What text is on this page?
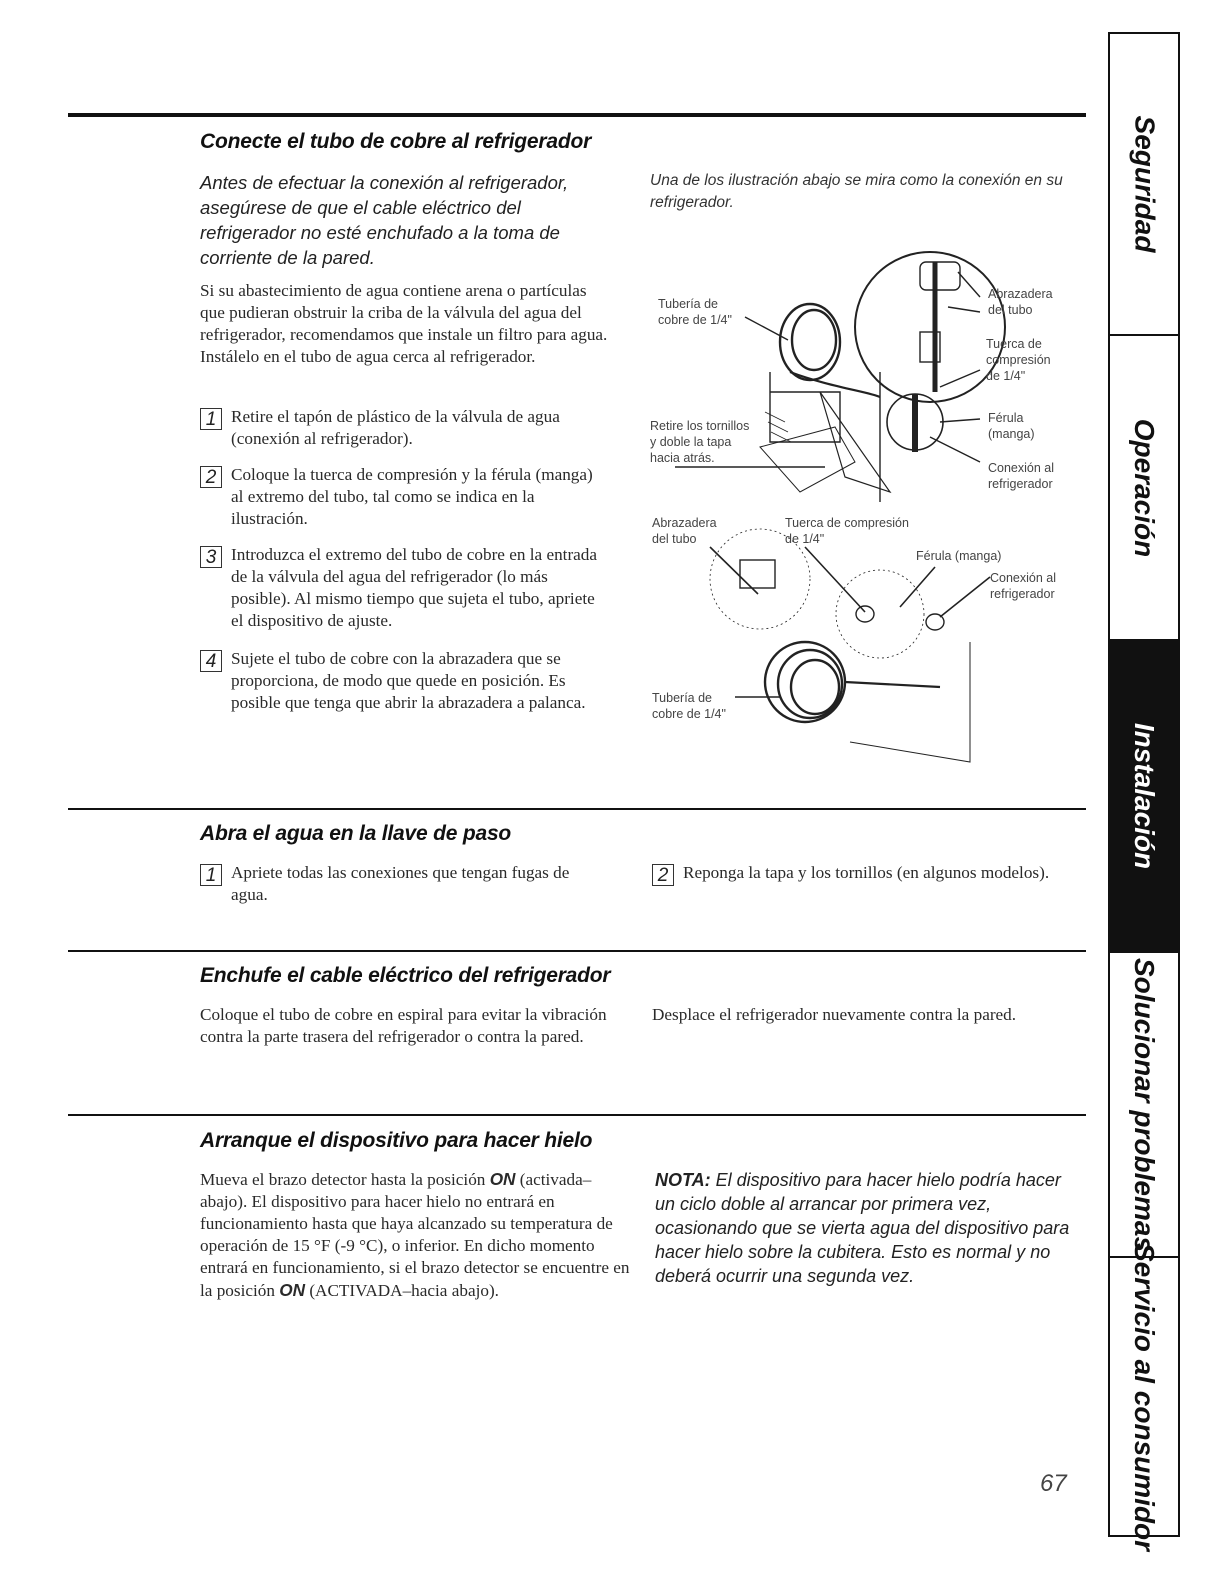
Conecte el tubo de cobre al refrigerador

Antes de efectuar la conexión al refrigerador, asegúrese de que el cable eléctrico del refrigerador no esté enchufado a la toma de corriente de la pared.

Si su abastecimiento de agua contiene arena o partículas que pudieran obstruir la criba de la válvula del agua del refrigerador, recomendamos que instale un filtro para agua. Instálelo en el tubo de agua cerca al refrigerador.

1 Retire el tapón de plástico de la válvula de agua (conexión al refrigerador).
2 Coloque la tuerca de compresión y la férula (manga) al extremo del tubo, tal como se indica en la ilustración.
3 Introduzca el extremo del tubo de cobre en la entrada de la válvula del agua del refrigerador (lo más posible). Al mismo tiempo que sujeta el tubo, apriete el dispositivo de ajuste.
4 Sujete el tubo de cobre con la abrazadera que se proporciona, de modo que quede en posición. Es posible que tenga que abrir la abrazadera a palanca.

Una de los ilustración abajo se mira como la conexión en su refrigerador.

Tubería de
cobre de 1/4"
Retire los tornillos
y doble la tapa
hacia atrás.
Abrazadera
del tubo
Tuerca de
compresión
de 1/4"
Férula
(manga)
Conexión al
refrigerador
Abrazadera
del tubo
Tuerca de compresión
de 1/4"
Férula (manga)
Conexión al
refrigerador
Tubería de
cobre de 1/4"
Abra el agua en la llave de paso
1 Apriete todas las conexiones que tengan fugas de agua.
2 Reponga la tapa y los tornillos (en algunos modelos).
Enchufe el cable eléctrico del refrigerador

Coloque el tubo de cobre en espiral para evitar la vibración contra la parte trasera del refrigerador o contra la pared.

Desplace el refrigerador nuevamente contra la pared.

Arranque el dispositivo para hacer hielo

Mueva el brazo detector hasta la posición ON (activada–abajo). El dispositivo para hacer hielo no entrará en funcionamiento hasta que haya alcanzado su temperatura de operación de 15 °F (-9 °C), o inferior. En dicho momento entrará en funcionamiento, si el brazo detector se encuentre en la posición ON (ACTIVADA–hacia abajo).

NOTA: El dispositivo para hacer hielo podría hacer un ciclo doble al arrancar por primera vez, ocasionando que se vierta agua del dispositivo para hacer hielo sobre la cubitera. Esto es normal y no deberá ocurrir una segunda vez.

67
Seguridad
Operación
Instalación
Solucionar problemas
Servicio al consumidor
